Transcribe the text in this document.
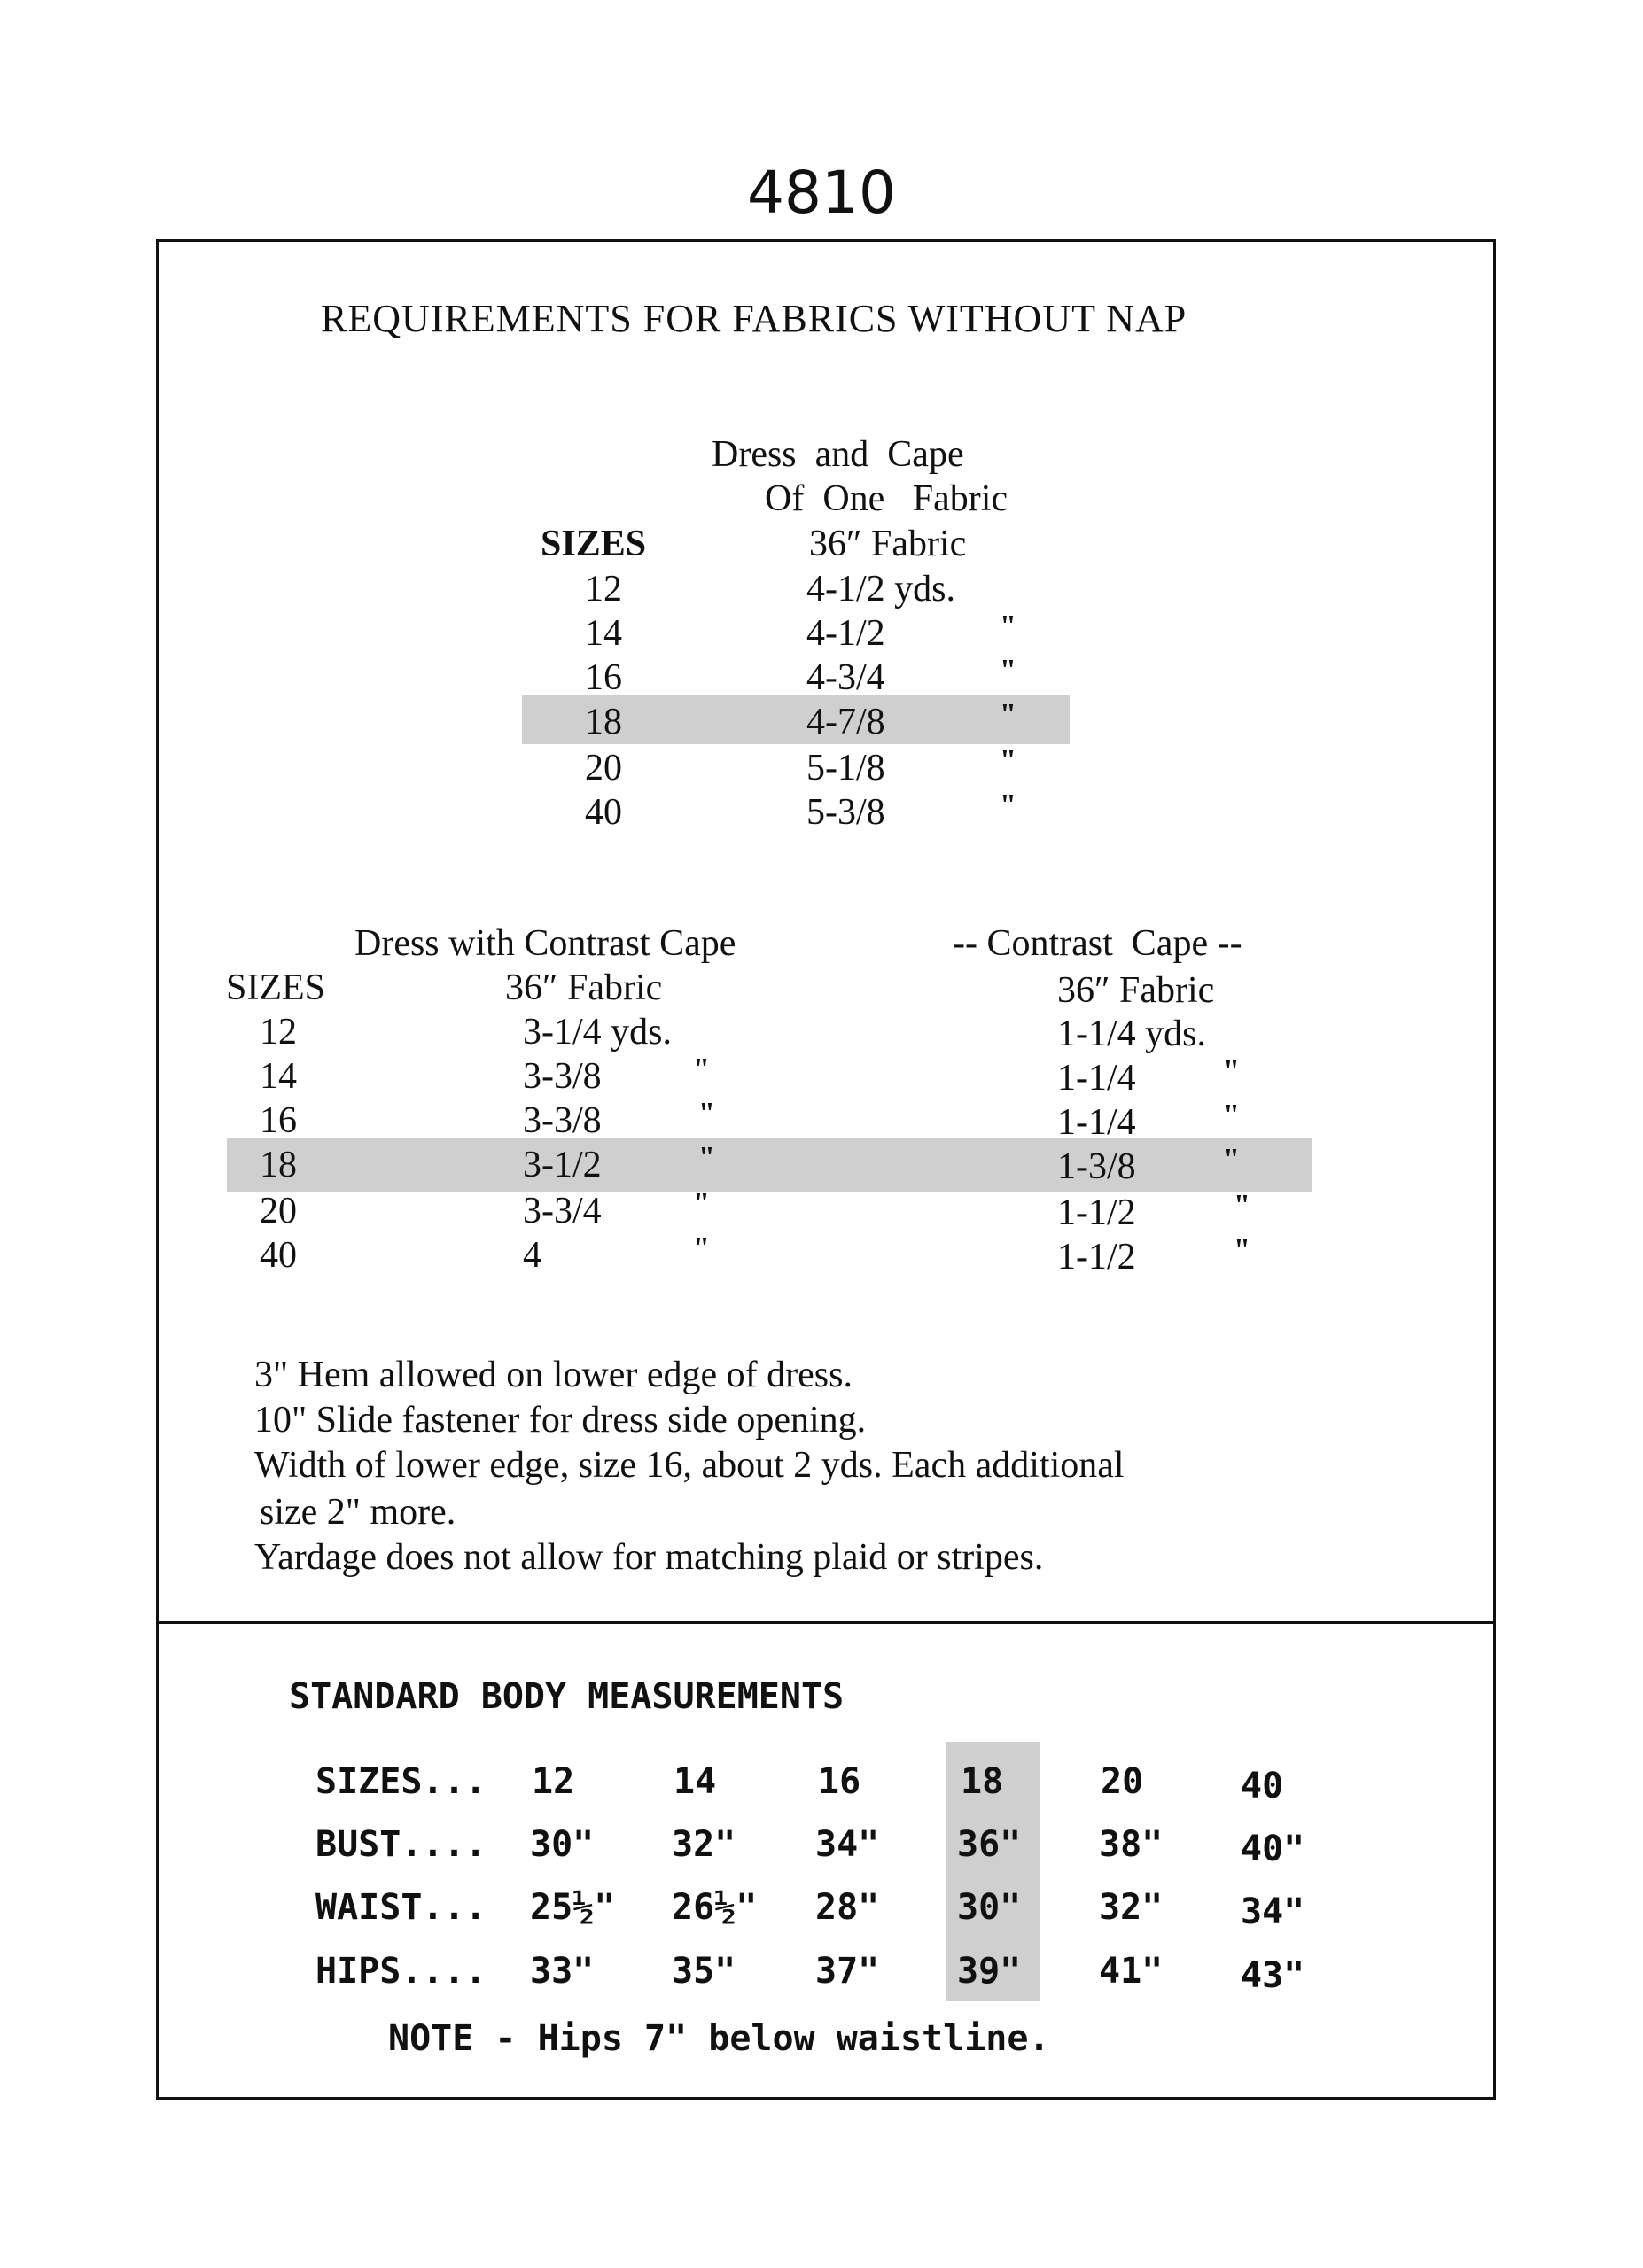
4810
REQUIREMENTS FOR FABRICS WITHOUT NAP
Dress  and  Cape
Of  One   Fabric
SIZES	36″ Fabric
12	4-1/2 yds.
14	4-1/2	"
16	4-3/4	"
18	4-7/8	"
20	5-1/8	"
40	5-3/8	"
Dress with Contrast Cape	-- Contrast  Cape --
SIZES	36″ Fabric	36″ Fabric
12	3-1/4 yds.	1-1/4 yds.
14	3-3/8	"	1-1/4	"
16	3-3/8	"	1-1/4	"
18	3-1/2	"	1-3/8	"
20	3-3/4	"	1-1/2	"
40	4	"	1-1/2	"
3" Hem allowed on lower edge of dress.
10" Slide fastener for dress side opening.
Width of lower edge, size 16, about 2 yds. Each additional
size 2" more.
Yardage does not allow for matching plaid or stripes.
STANDARD BODY MEASUREMENTS
SIZES... 12	14	16	18	20	40
BUST.... 30" 32" 34" 36" 38" 40"
WAIST... 25½" 26½" 28" 30" 32" 34"
HIPS.... 33" 35" 37" 39" 41" 43"
NOTE - Hips 7" below waistline.
